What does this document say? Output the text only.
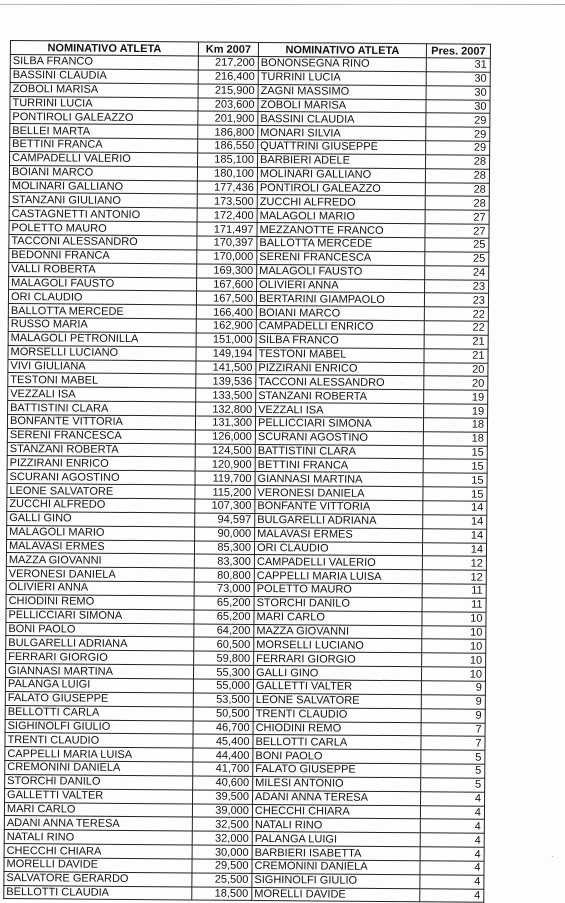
NOMINATIVO ATLETA	Km 2007	NOMINATIVO ATLETA	Pres. 2007
SILBA FRANCO	217,200	BONONSEGNA RINO	31
BASSINI CLAUDIA	216,400	TURRINI LUCIA	30
ZOBOLI MARISA	215,900	ZAGNI MASSIMO	30
TURRINI LUCIA	203,600	ZOBOLI MARISA	30
PONTIROLI GALEAZZO	201,900	BASSINI CLAUDIA	29
BELLEI MARTA	186,800	MONARI SILVIA	29
BETTINI FRANCA	186,550	QUATTRINI GIUSEPPE	29
CAMPADELLI VALERIO	185,100	BARBIERI ADELE	28
BOIANI MARCO	180,100	MOLINARI GALLIANO	28
MOLINARI GALLIANO	177,436	PONTIROLI GALEAZZO	28
STANZANI GIULIANO	173,500	ZUCCHI ALFREDO	28
CASTAGNETTI ANTONIO	172,400	MALAGOLI MARIO	27
POLETTO MAURO	171,497	MEZZANOTTE FRANCO	27
TACCONI ALESSANDRO	170,397	BALLOTTA MERCEDE	25
BEDONNI FRANCA	170,000	SERENI FRANCESCA	25
VALLI ROBERTA	169,300	MALAGOLI FAUSTO	24
MALAGOLI FAUSTO	167,600	OLIVIERI ANNA	23
ORI CLAUDIO	167,500	BERTARINI GIAMPAOLO	23
BALLOTTA MERCEDE	166,400	BOIANI MARCO	22
RUSSO MARIA	162,900	CAMPADELLI ENRICO	22
MALAGOLI PETRONILLA	151,000	SILBA FRANCO	21
MORSELLI LUCIANO	149,194	TESTONI MABEL	21
VIVI GIULIANA	141,500	PIZZIRANI ENRICO	20
TESTONI MABEL	139,536	TACCONI ALESSANDRO	20
VEZZALI ISA	133,500	STANZANI ROBERTA	19
BATTISTINI CLARA	132,800	VEZZALI ISA	19
BONFANTE VITTORIA	131,300	PELLICCIARI SIMONA	18
SERENI FRANCESCA	126,000	SCURANI AGOSTINO	18
STANZANI ROBERTA	124,500	BATTISTINI CLARA	15
PIZZIRANI ENRICO	120,900	BETTINI FRANCA	15
SCURANI AGOSTINO	119,700	GIANNASI MARTINA	15
LEONE SALVATORE	115,200	VERONESI DANIELA	15
ZUCCHI ALFREDO	107,300	BONFANTE VITTORIA	14
GALLI GINO	94,597	BULGARELLI ADRIANA	14
MALAGOLI MARIO	90,000	MALAVASI ERMES	14
MALAVASI ERMES	85,300	ORI CLAUDIO	14
MAZZA GIOVANNI	83,300	CAMPADELLI VALERIO	12
VERONESI DANIELA	80,800	CAPPELLI MARIA LUISA	12
OLIVIERI ANNA	73,000	POLETTO MAURO	11
CHIODINI REMO	65,200	STORCHI DANILO	11
PELLICCIARI SIMONA	65,200	MARI CARLO	10
BONI PAOLO	64,200	MAZZA GIOVANNI	10
BULGARELLI ADRIANA	60,500	MORSELLI LUCIANO	10
FERRARI GIORGIO	59,800	FERRARI GIORGIO	10
GIANNASI MARTINA	55,300	GALLI GINO	10
PALANGA LUIGI	55,000	GALLETTI VALTER	9
FALATO GIUSEPPE	53,500	LEONE SALVATORE	9
BELLOTTI CARLA	50,500	TRENTI CLAUDIO	9
SIGHINOLFI GIULIO	46,700	CHIODINI REMO	7
TRENTI CLAUDIO	45,400	BELLOTTI CARLA	7
CAPPELLI MARIA LUISA	44,400	BONI PAOLO	5
CREMONINI DANIELA	41,700	FALATO GIUSEPPE	5
STORCHI DANILO	40,600	MILESI ANTONIO	5
GALLETTI VALTER	39,500	ADANI ANNA TERESA	4
MARI CARLO	39,000	CHECCHI CHIARA	4
ADANI ANNA TERESA	32,500	NATALI RINO	4
NATALI RINO	32,000	PALANGA LUIGI	4
CHECCHI CHIARA	30,000	BARBIERI ISABETTA	4
MORELLI DAVIDE	29,500	CREMONINI DANIELA	4
SALVATORE GERARDO	25,500	SIGHINOLFI GIULIO	4
BELLOTTI CLAUDIA	18,500	MORELLI DAVIDE	4
·
